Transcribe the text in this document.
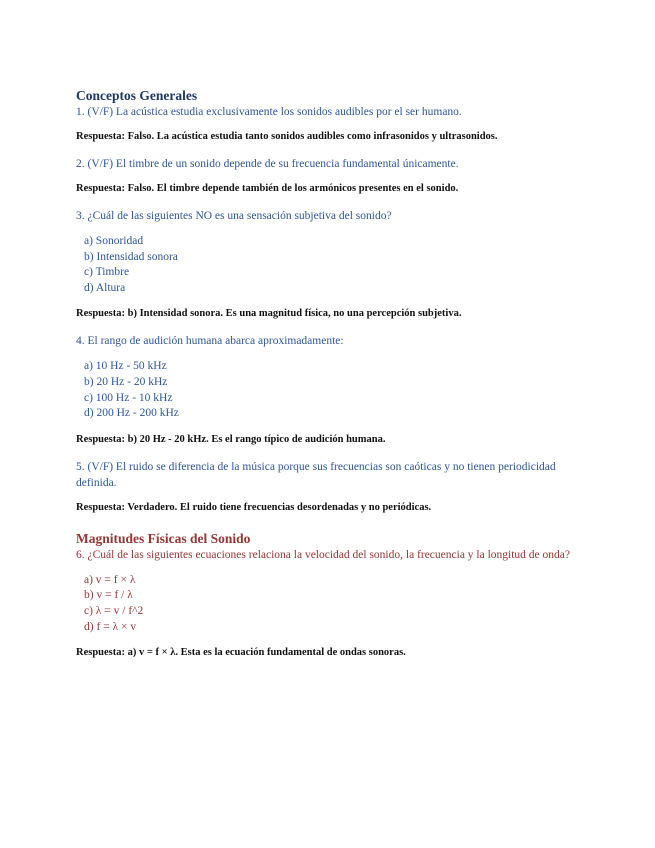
Conceptos Generales

1. (V/F) La acústica estudia exclusivamente los sonidos audibles por el ser humano.

Respuesta: Falso. La acústica estudia tanto sonidos audibles como infrasonidos y ultrasonidos.

2. (V/F) El timbre de un sonido depende de su frecuencia fundamental únicamente.

Respuesta: Falso. El timbre depende también de los armónicos presentes en el sonido.

3. ¿Cuál de las siguientes NO es una sensación subjetiva del sonido?

a) Sonoridad
b) Intensidad sonora
c) Timbre
d) Altura

Respuesta: b) Intensidad sonora. Es una magnitud física, no una percepción subjetiva.

4. El rango de audición humana abarca aproximadamente:

a) 10 Hz - 50 kHz
b) 20 Hz - 20 kHz
c) 100 Hz - 10 kHz
d) 200 Hz - 200 kHz

Respuesta: b) 20 Hz - 20 kHz. Es el rango típico de audición humana.

5. (V/F) El ruido se diferencia de la música porque sus frecuencias son caóticas y no tienen periodicidad definida.

Respuesta: Verdadero. El ruido tiene frecuencias desordenadas y no periódicas.

Magnitudes Físicas del Sonido

6. ¿Cuál de las siguientes ecuaciones relaciona la velocidad del sonido, la frecuencia y la longitud de onda?

a) v = f × λ
b) v = f / λ
c) λ = v / f^2
d) f = λ × v

Respuesta: a) v = f × λ. Esta es la ecuación fundamental de ondas sonoras.
